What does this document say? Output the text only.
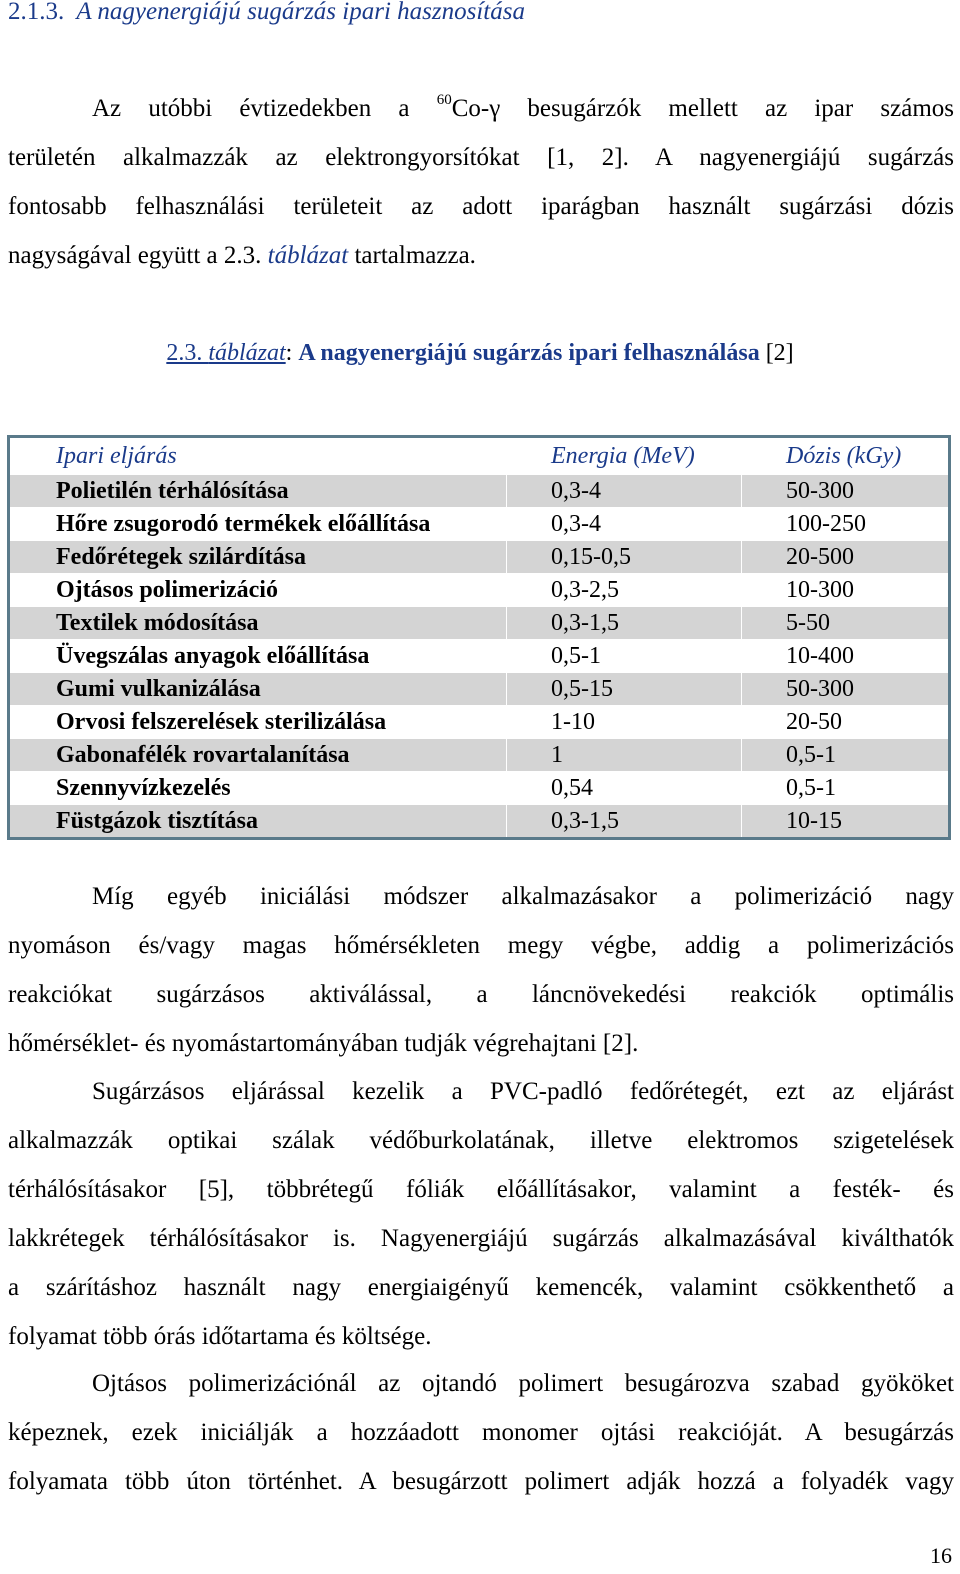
2.1.3. A nagyenergiájú sugárzás ipari hasznosítása
Az utóbbi évtizedekben a $^{60}$Co-γ besugárzók mellett az ipar számos
területén alkalmazzák az elektrongyorsítókat [1, 2]. A nagyenergiájú sugárzás
fontosabb felhasználási területeit az adott iparágban használt sugárzási dózis
nagyságával együtt a 2.3. táblázat tartalmazza.
2.3. táblázat: A nagyenergiájú sugárzás ipari felhasználása [2]
Ipari eljárás	Energia (MeV)	Dózis (kGy)
Polietilén térhálósítása	0,3-4	50-300
Hőre zsugorodó termékek előállítása	0,3-4	100-250
Fedőrétegek szilárdítása	0,15-0,5	20-500
Ojtásos polimerizáció	0,3-2,5	10-300
Textilek módosítása	0,3-1,5	5-50
Üvegszálas anyagok előállítása	0,5-1	10-400
Gumi vulkanizálása	0,5-15	50-300
Orvosi felszerelések sterilizálása	1-10	20-50
Gabonafélék rovartalanítása	1	0,5-1
Szennyvízkezelés	0,54	0,5-1
Füstgázok tisztítása	0,3-1,5	10-15
Míg egyéb iniciálási módszer alkalmazásakor a polimerizáció nagy
nyomáson és/vagy magas hőmérsékleten megy végbe, addig a polimerizációs
reakciókat sugárzásos aktiválással, a láncnövekedési reakciók optimális
hőmérséklet- és nyomástartományában tudják végrehajtani [2].
Sugárzásos eljárással kezelik a PVC-padló fedőrétegét, ezt az eljárást
alkalmazzák optikai szálak védőburkolatának, illetve elektromos szigetelések
térhálósításakor [5], többrétegű fóliák előállításakor, valamint a festék- és
lakkrétegek térhálósításakor is. Nagyenergiájú sugárzás alkalmazásával kiválthatók
a szárításhoz használt nagy energiaigényű kemencék, valamint csökkenthető a
folyamat több órás időtartama és költsége.
Ojtásos polimerizációnál az ojtandó polimert besugározva szabad gyököket
képeznek, ezek iniciálják a hozzáadott monomer ojtási reakcióját. A besugárzás
folyamata több úton történhet. A besugárzott polimert adják hozzá a folyadék vagy
16
